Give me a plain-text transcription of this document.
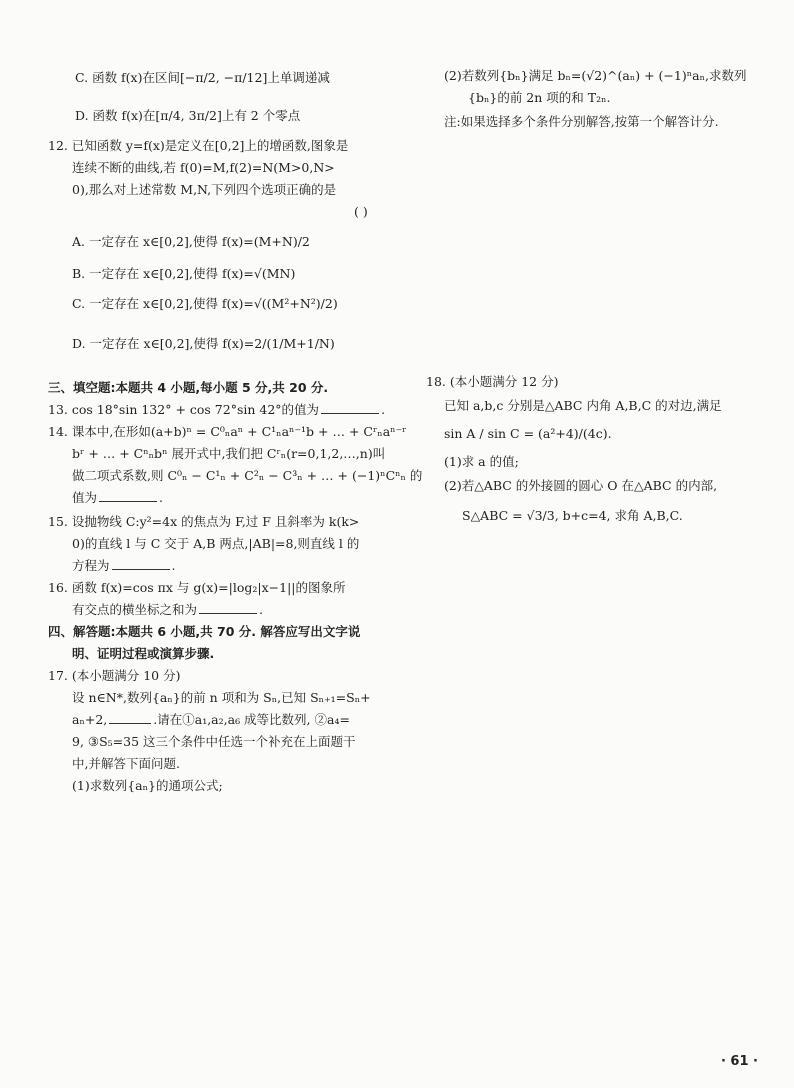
C. 函数 f(x)在区间[−π/2, −π/12]上单调递减
D. 函数 f(x)在[π/4, 3π/2]上有 2 个零点
12. 已知函数 y=f(x)是定义在[0,2]上的增函数,图象是
连续不断的曲线,若 f(0)=M,f(2)=N(M>0,N>
0),那么对上述常数 M,N,下列四个选项正确的是
( )
A. 一定存在 x∈[0,2],使得 f(x)=(M+N)/2
B. 一定存在 x∈[0,2],使得 f(x)=√(MN)
C. 一定存在 x∈[0,2],使得 f(x)=√((M²+N²)/2)
D. 一定存在 x∈[0,2],使得 f(x)=2/(1/M+1/N)
三、填空题:本题共 4 小题,每小题 5 分,共 20 分.
13. cos 18°sin 132° + cos 72°sin 42°的值为	.
14. 课本中,在形如(a+b)ⁿ = C⁰ₙaⁿ + C¹ₙaⁿ⁻¹b + … + Cʳₙaⁿ⁻ʳ
bʳ + … + Cⁿₙbⁿ 展开式中,我们把 Cʳₙ(r=0,1,2,…,n)叫
做二项式系数,则 C⁰ₙ − C¹ₙ + C²ₙ − C³ₙ + … + (−1)ⁿCⁿₙ 的
值为	.
15. 设抛物线 C:y²=4x 的焦点为 F,过 F 且斜率为 k(k>
0)的直线 l 与 C 交于 A,B 两点,|AB|=8,则直线 l 的
方程为	.
16. 函数 f(x)=cos πx 与 g(x)=|log₂|x−1||的图象所
有交点的横坐标之和为	.
四、解答题:本题共 6 小题,共 70 分. 解答应写出文字说
明、证明过程或演算步骤.
17. (本小题满分 10 分)
设 n∈N*,数列{aₙ}的前 n 项和为 Sₙ,已知 Sₙ₊₁=Sₙ+
aₙ+2,	.请在①a₁,a₂,a₆ 成等比数列, ②a₄=
9, ③S₅=35 这三个条件中任选一个补充在上面题干
中,并解答下面问题.
(1)求数列{aₙ}的通项公式;
(2)若数列{bₙ}满足 bₙ=(√2)^(aₙ) + (−1)ⁿaₙ,求数列
{bₙ}的前 2n 项的和 T₂ₙ.
注:如果选择多个条件分别解答,按第一个解答计分.
18. (本小题满分 12 分)
已知 a,b,c 分别是△ABC 内角 A,B,C 的对边,满足
sin A / sin C = (a²+4)/(4c).
(1)求 a 的值;
(2)若△ABC 的外接圆的圆心 O 在△ABC 的内部,
S△ABC = √3/3, b+c=4, 求角 A,B,C.
· 61 ·
